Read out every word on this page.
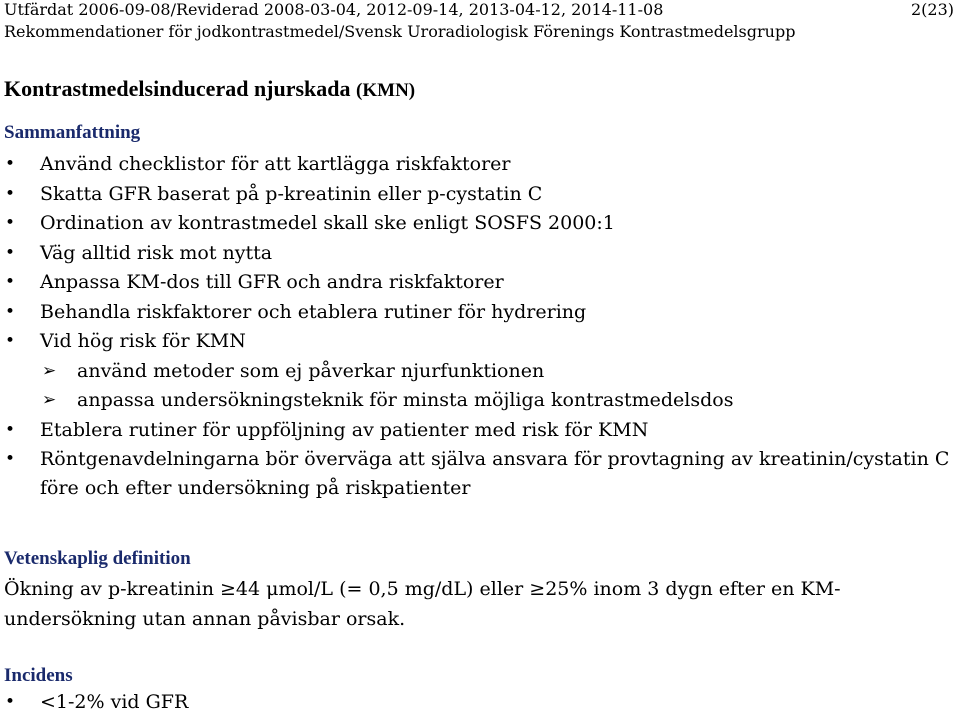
Utfärdat 2006-09-08/Reviderad 2008-03-04, 2012-09-14, 2013-04-12, 2014-11-08	2(23)
Rekommendationer för jodkontrastmedel/Svensk Uroradiologisk Förenings Kontrastmedelsgrupp
Kontrastmedelsinducerad njurskada (KMN)
Sammanfattning
• Använd checklistor för att kartlägga riskfaktorer
• Skatta GFR baserat på p-kreatinin eller p-cystatin C
• Ordination av kontrastmedel skall ske enligt SOSFS 2000:1
• Väg alltid risk mot nytta
• Anpassa KM-dos till GFR och andra riskfaktorer
• Behandla riskfaktorer och etablera rutiner för hydrering
• Vid hög risk för KMN
➢ använd metoder som ej påverkar njurfunktionen
➢ anpassa undersökningsteknik för minsta möjliga kontrastmedelsdos
• Etablera rutiner för uppföljning av patienter med risk för KMN
• Röntgenavdelningarna bör överväga att själva ansvara för provtagning av kreatinin/cystatin C
före och efter undersökning på riskpatienter
Vetenskaplig definition
Ökning av p-kreatinin ≥44 μmol/L (= 0,5 mg/dL) eller ≥25% inom 3 dygn efter en KM-
undersökning utan annan påvisbar orsak.
Incidens
• <1-2% vid GFR
